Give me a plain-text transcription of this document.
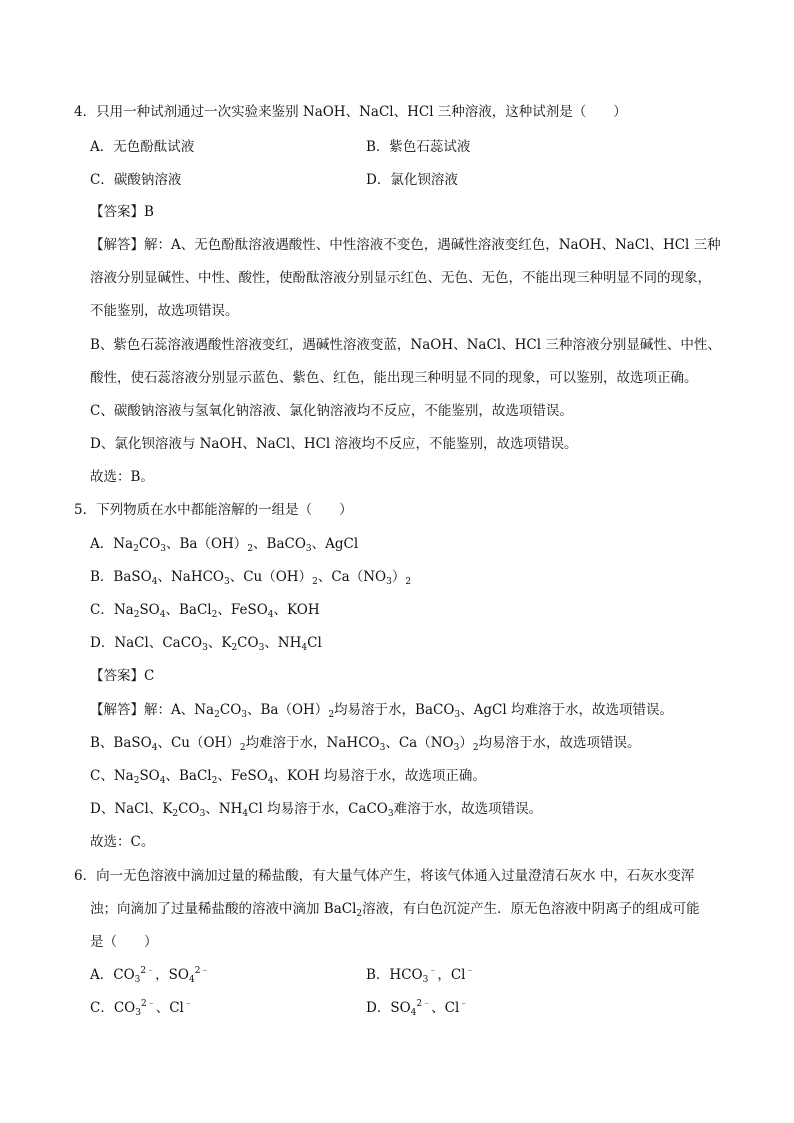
4．只用一种试剂通过一次实验来鉴别 NaOH、NaCl、HCl 三种溶液，这种试剂是（　　）
A．无色酚酞试液	B．紫色石蕊试液
C．碳酸钠溶液	D．氯化钡溶液
【答案】B
【解答】解：A、无色酚酞溶液遇酸性、中性溶液不变色，遇碱性溶液变红色，NaOH、NaCl、HCl 三种
溶液分别显碱性、中性、酸性，使酚酞溶液分别显示红色、无色、无色，不能出现三种明显不同的现象，
不能鉴别，故选项错误。
B、紫色石蕊溶液遇酸性溶液变红，遇碱性溶液变蓝，NaOH、NaCl、HCl 三种溶液分别显碱性、中性、
酸性，使石蕊溶液分别显示蓝色、紫色、红色，能出现三种明显不同的现象，可以鉴别，故选项正确。
C、碳酸钠溶液与氢氧化钠溶液、氯化钠溶液均不反应，不能鉴别，故选项错误。
D、氯化钡溶液与 NaOH、NaCl、HCl 溶液均不反应，不能鉴别，故选项错误。
故选：B。
5．下列物质在水中都能溶解的一组是（　　）
A．$Na_2CO_3$、$Ba(OH)_2$、BaCO$_3$、AgCl
B．BaSO$_4$、NaHCO$_3$、$Cu(OH)_2$、$Ca(NO_3)_2$
C．$Na_2SO_4$、BaCl$_2$、FeSO$_4$、KOH
D．NaCl、CaCO$_3$、$K_2CO_3$、$NH_4Cl$
【答案】C
【解答】解：A、$Na_2CO_3$、$Ba(OH)_2$均易溶于水，BaCO$_3$、AgCl 均难溶于水，故选项错误。
B、BaSO$_4$、$Cu(OH)_2$均难溶于水，NaHCO$_3$、$Ca(NO_3)_2$均易溶于水，故选项错误。
C、$Na_2SO_4$、BaCl$_2$、FeSO$_4$、KOH 均易溶于水，故选项正确。
D、NaCl、$K_2CO_3$、$NH_4Cl$ 均易溶于水，CaCO$_3$难溶于水，故选项错误。
故选：C。
6．向一无色溶液中滴加过量的稀盐酸，有大量气体产生，将该气体通入过量澄清石灰水 中，石灰水变浑
浊；向滴加了过量稀盐酸的溶液中滴加 BaCl$_2$溶液，有白色沉淀产生．原无色溶液中阴离子的组成可能
是（　　）
A．$CO_3^{2﹣}$，$SO_4^{2﹣}$	B．$HCO_3^﹣$，Cl﹣
C．$CO_3^{2﹣}$、Cl﹣	D．$SO_4^{2﹣}$、Cl﹣
